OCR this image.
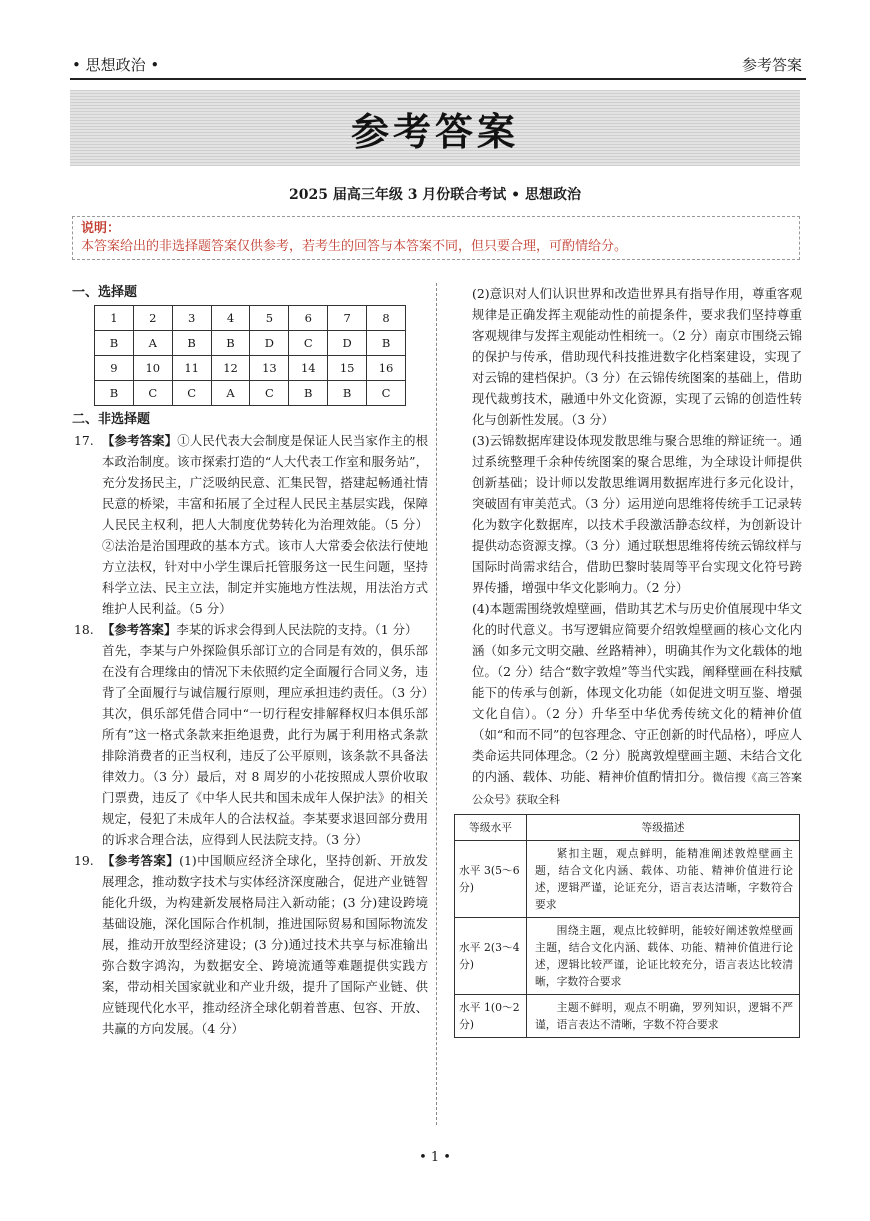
• 思想政治 •	参考答案
参考答案
2025 届高三年级 3 月份联合考试 • 思想政治
说明：
本答案给出的非选择题答案仅供参考，若考生的回答与本答案不同，但只要合理，可酌情给分。
一、选择题
1	2	3	4	5	6	7	8
B	A	B	B	D	C	D	B
9	10	11	12	13	14	15	16
B	C	C	A	C	B	B	C
二、非选择题
17. 【参考答案】①人民代表大会制度是保证人民当家作主的根本政治制度。该市探索打造的“人大代表工作室和服务站”，充分发扬民主，广泛吸纳民意、汇集民智，搭建起畅通社情民意的桥梁，丰富和拓展了全过程人民民主基层实践，保障人民民主权利，把人大制度优势转化为治理效能。（5 分）②法治是治国理政的基本方式。该市人大常委会依法行使地方立法权，针对中小学生课后托管服务这一民生问题，坚持科学立法、民主立法，制定并实施地方性法规，用法治方式维护人民利益。（5 分）
18. 【参考答案】李某的诉求会得到人民法院的支持。（1 分）
首先，李某与户外探险俱乐部订立的合同是有效的，俱乐部在没有合理缘由的情况下未依照约定全面履行合同义务，违背了全面履行与诚信履行原则，理应承担违约责任。（3 分）其次，俱乐部凭借合同中“一切行程安排解释权归本俱乐部所有”这一格式条款来拒绝退费，此行为属于利用格式条款排除消费者的正当权利，违反了公平原则，该条款不具备法律效力。（3 分）最后，对 8 周岁的小花按照成人票价收取门票费，违反了《中华人民共和国未成年人保护法》的相关规定，侵犯了未成年人的合法权益。李某要求退回部分费用的诉求合理合法，应得到人民法院支持。（3 分）
19. 【参考答案】(1)中国顺应经济全球化，坚持创新、开放发展理念，推动数字技术与实体经济深度融合，促进产业链智能化升级，为构建新发展格局注入新动能；(3 分)建设跨境基础设施，深化国际合作机制，推进国际贸易和国际物流发展，推动开放型经济建设；(3 分)通过技术共享与标准输出弥合数字鸿沟，为数据安全、跨境流通等难题提供实践方案，带动相关国家就业和产业升级，提升了国际产业链、供应链现代化水平，推动经济全球化朝着普惠、包容、开放、共赢的方向发展。（4 分）
(2)意识对人们认识世界和改造世界具有指导作用，尊重客观规律是正确发挥主观能动性的前提条件，要求我们坚持尊重客观规律与发挥主观能动性相统一。（2 分）南京市围绕云锦的保护与传承，借助现代科技推进数字化档案建设，实现了对云锦的建档保护。（3 分）在云锦传统图案的基础上，借助现代裁剪技术，融通中外文化资源，实现了云锦的创造性转化与创新性发展。（3 分）
(3)云锦数据库建设体现发散思维与聚合思维的辩证统一。通过系统整理千余种传统图案的聚合思维，为全球设计师提供创新基础；设计师以发散思维调用数据库进行多元化设计，突破固有审美范式。（3 分）运用逆向思维将传统手工记录转化为数字化数据库，以技术手段激活静态纹样，为创新设计提供动态资源支撑。（3 分）通过联想思维将传统云锦纹样与国际时尚需求结合，借助巴黎时装周等平台实现文化符号跨界传播，增强中华文化影响力。（2 分）
(4)本题需围绕敦煌壁画，借助其艺术与历史价值展现中华文化的时代意义。书写逻辑应简要介绍敦煌壁画的核心文化内涵（如多元文明交融、丝路精神），明确其作为文化载体的地位。（2 分）结合“数字敦煌”等当代实践，阐释壁画在科技赋能下的传承与创新，体现文化功能（如促进文明互鉴、增强文化自信）。（2 分）升华至中华优秀传统文化的精神价值（如“和而不同”的包容理念、守正创新的时代品格），呼应人类命运共同体理念。（2 分）脱离敦煌壁画主题、未结合文化的内涵、载体、功能、精神价值酌情扣分。微信搜《高三答案公众号》获取全科
等级水平	等级描述
水平 3(5～6 分)	紧扣主题，观点鲜明，能精准阐述敦煌壁画主题，结合文化内涵、载体、功能、精神价值进行论述，逻辑严谨，论证充分，语言表达清晰，字数符合要求
水平 2(3～4 分)	围绕主题，观点比较鲜明，能较好阐述敦煌壁画主题，结合文化内涵、载体、功能、精神价值进行论述，逻辑比较严谨，论证比较充分，语言表达比较清晰，字数符合要求
水平 1(0～2 分)	主题不鲜明，观点不明确，罗列知识，逻辑不严谨，语言表达不清晰，字数不符合要求
• 1 •
